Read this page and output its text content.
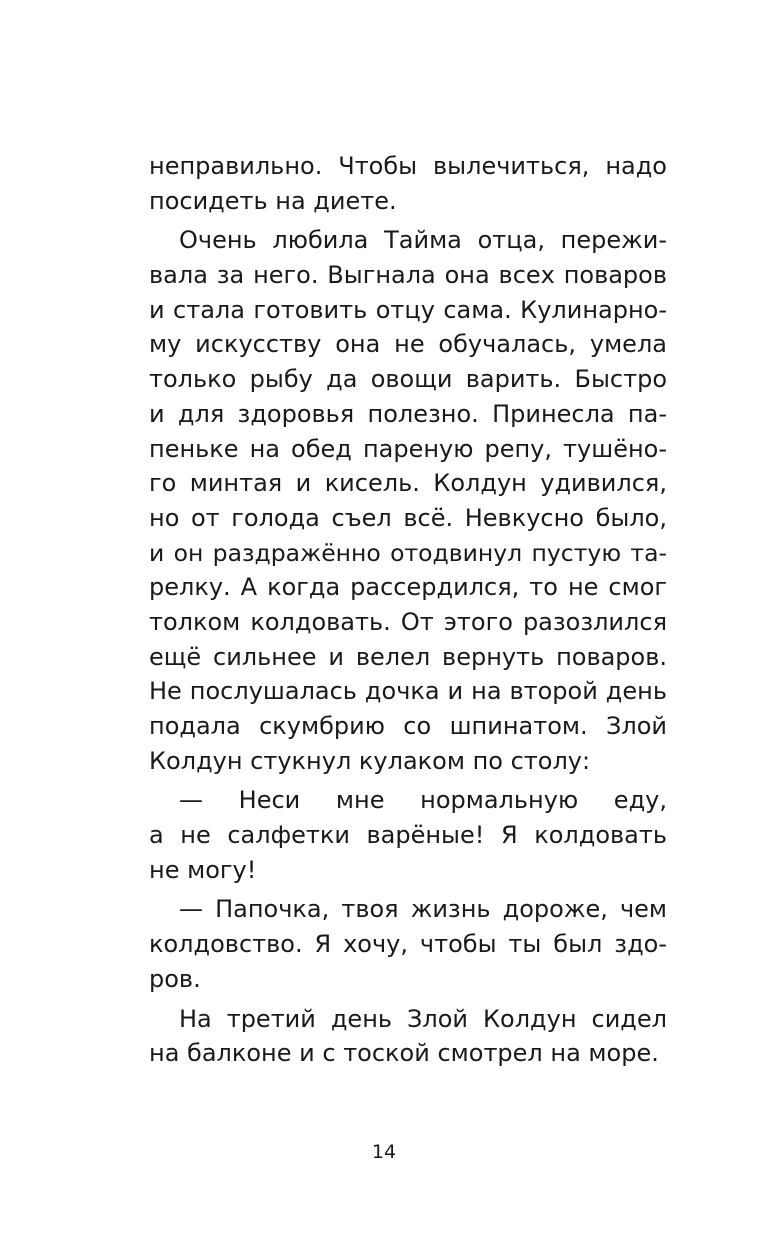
неправильно. Чтобы вылечиться, надо
посидеть на диете.
Очень любила Тайма отца, пережи-
вала за него. Выгнала она всех поваров
и стала готовить отцу сама. Кулинарно-
му искусству она не обучалась, умела
только рыбу да овощи варить. Быстро
и для здоровья полезно. Принесла па-
пеньке на обед пареную репу, тушёно-
го минтая и кисель. Колдун удивился,
но от голода съел всё. Невкусно было,
и он раздражённо отодвинул пустую та-
релку. А когда рассердился, то не смог
толком колдовать. От этого разозлился
ещё сильнее и велел вернуть поваров.
Не послушалась дочка и на второй день
подала скумбрию со шпинатом. Злой
Колдун стукнул кулаком по столу:
— Неси мне нормальную еду,
а не салфетки варёные! Я колдовать
не могу!
— Папочка, твоя жизнь дороже, чем
колдовство. Я хочу, чтобы ты был здо-
ров.
На третий день Злой Колдун сидел
на балконе и с тоской смотрел на море.
14
